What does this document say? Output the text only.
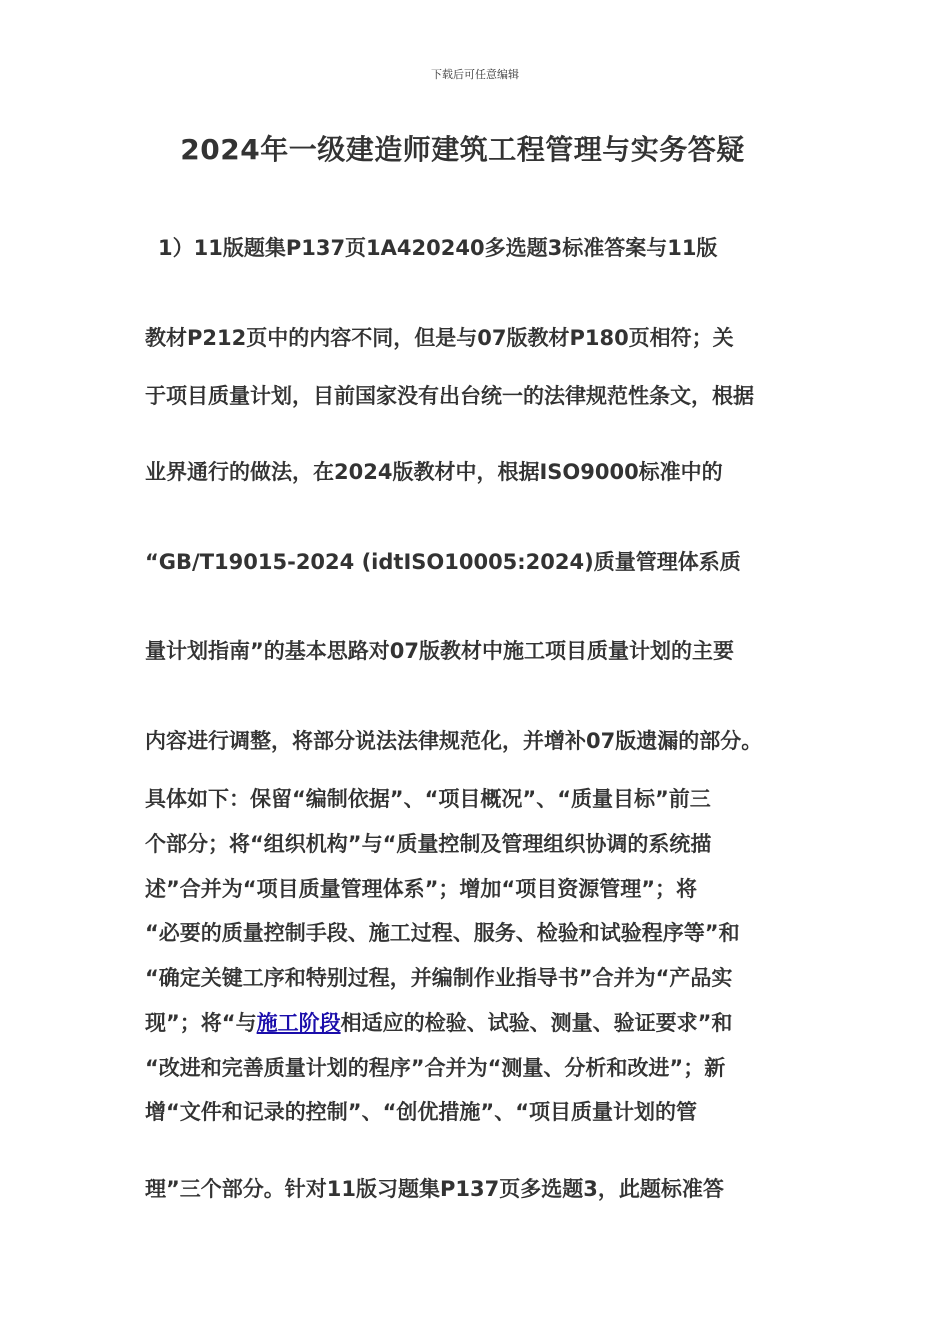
下载后可任意编辑
2024年一级建造师建筑工程管理与实务答疑
1）11版题集P137页1A420240多选题3标准答案与11版
教材P212页中的内容不同，但是与07版教材P180页相符；关
于项目质量计划，目前国家没有出台统一的法律规范性条文，根据
业界通行的做法，在2024版教材中，根据ISO9000标准中的
“GB/T19015-2024 (idtISO10005:2024)质量管理体系质
量计划指南”的基本思路对07版教材中施工项目质量计划的主要
内容进行调整，将部分说法法律规范化，并增补07版遗漏的部分。
具体如下：保留“编制依据”、“项目概况”、“质量目标”前三
个部分；将“组织机构”与“质量控制及管理组织协调的系统描
述”合并为“项目质量管理体系”；增加“项目资源管理”；将
“必要的质量控制手段、施工过程、服务、检验和试验程序等”和
“确定关键工序和特别过程，并编制作业指导书”合并为“产品实
现”；将“与施工阶段相适应的检验、试验、测量、验证要求”和
“改进和完善质量计划的程序”合并为“测量、分析和改进”；新
增“文件和记录的控制”、“创优措施”、“项目质量计划的管
理”三个部分。针对11版习题集P137页多选题3，此题标准答
